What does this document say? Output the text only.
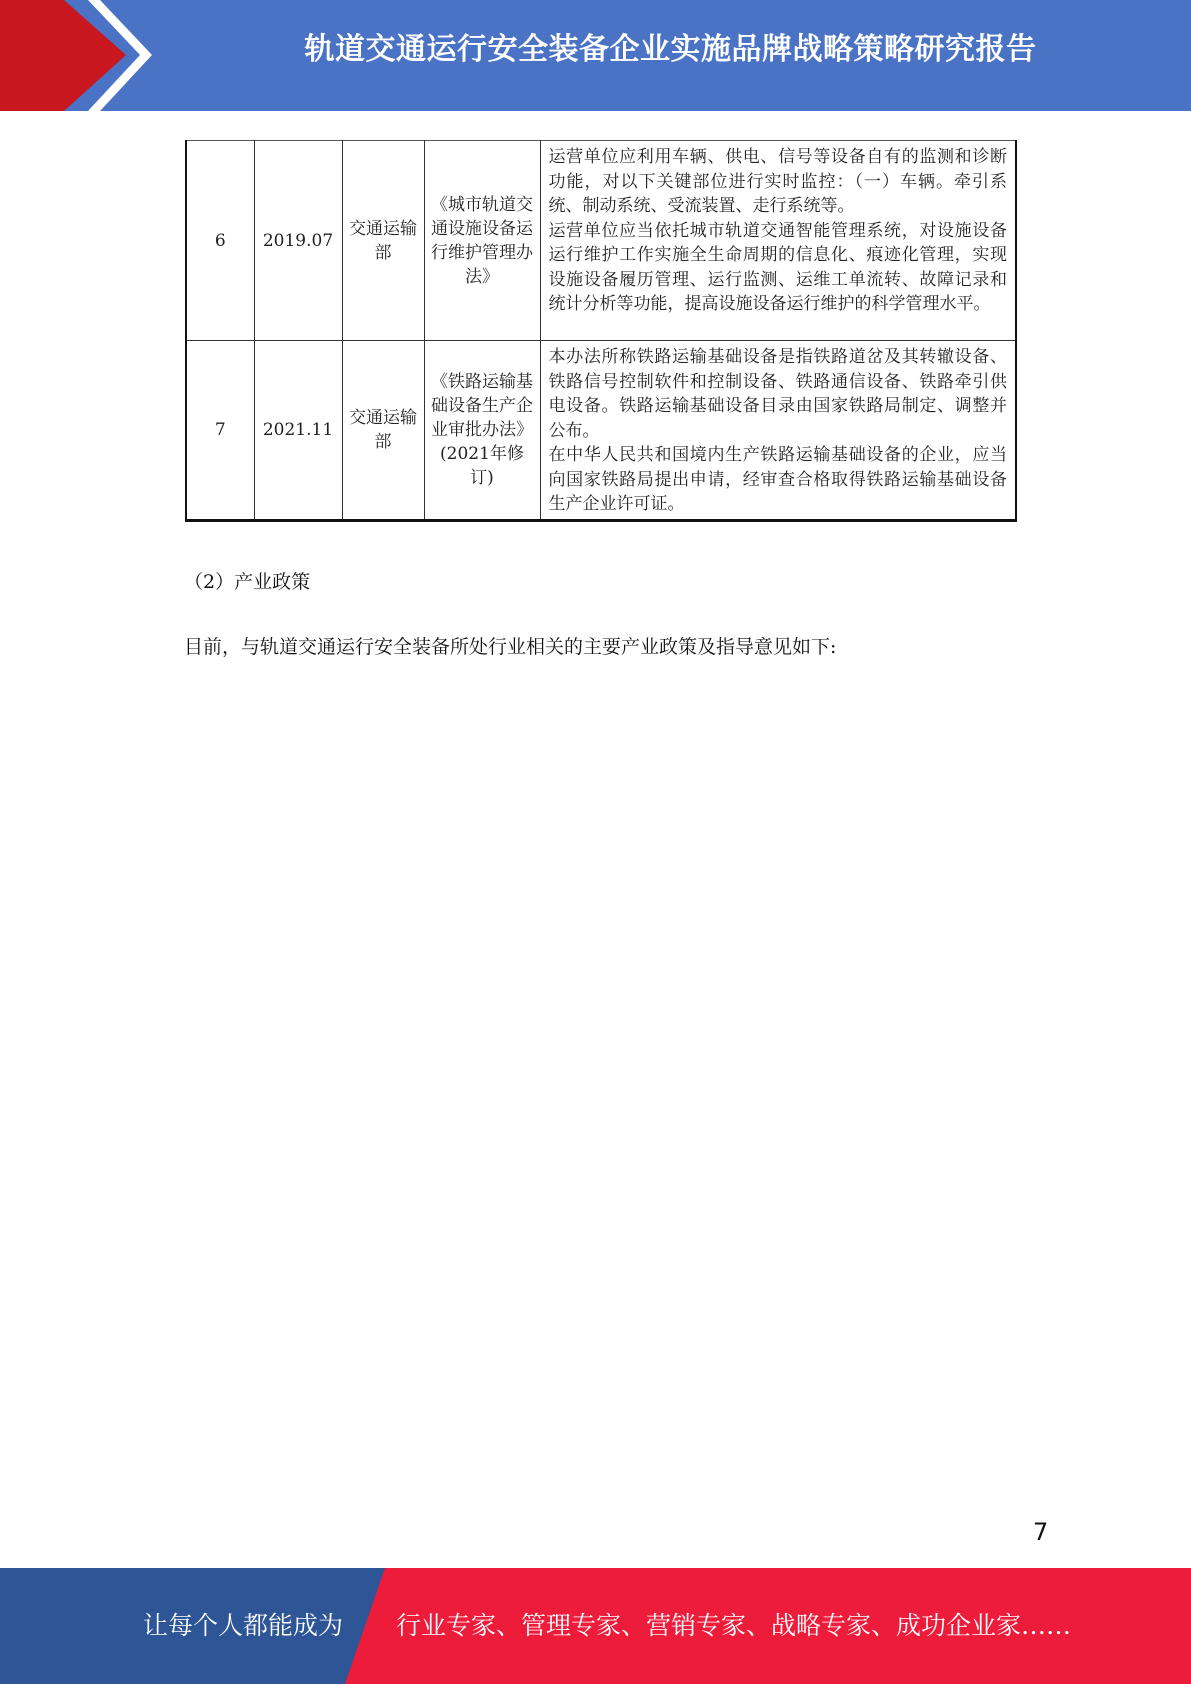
轨道交通运行安全装备企业实施品牌战略策略研究报告
6	2019.07	交通运输部	《城市轨道交通设施设备运行维护管理办法》	运营单位应利用车辆、供电、信号等设备自有的监测和诊断功能，对以下关键部位进行实时监控：（一）车辆。牵引系统、制动系统、受流装置、走行系统等。

运营单位应当依托城市轨道交通智能管理系统，对设施设备运行维护工作实施全生命周期的信息化、痕迹化管理，实现设施设备履历管理、运行监测、运维工单流转、故障记录和统计分析等功能，提高设施设备运行维护的科学管理水平。

7	2021.11	交通运输部	《铁路运输基础设备生产企业审批办法》(2021年修订)	本办法所称铁路运输基础设备是指铁路道岔及其转辙设备、铁路信号控制软件和控制设备、铁路通信设备、铁路牵引供电设备。铁路运输基础设备目录由国家铁路局制定、调整并公布。

在中华人民共和国境内生产铁路运输基础设备的企业，应当向国家铁路局提出申请，经审查合格取得铁路运输基础设备生产企业许可证。

（2）产业政策
目前，与轨道交通运行安全装备所处行业相关的主要产业政策及指导意见如下:
7
让每个人都能成为 行业专家、管理专家、营销专家、战略专家、成功企业家……
